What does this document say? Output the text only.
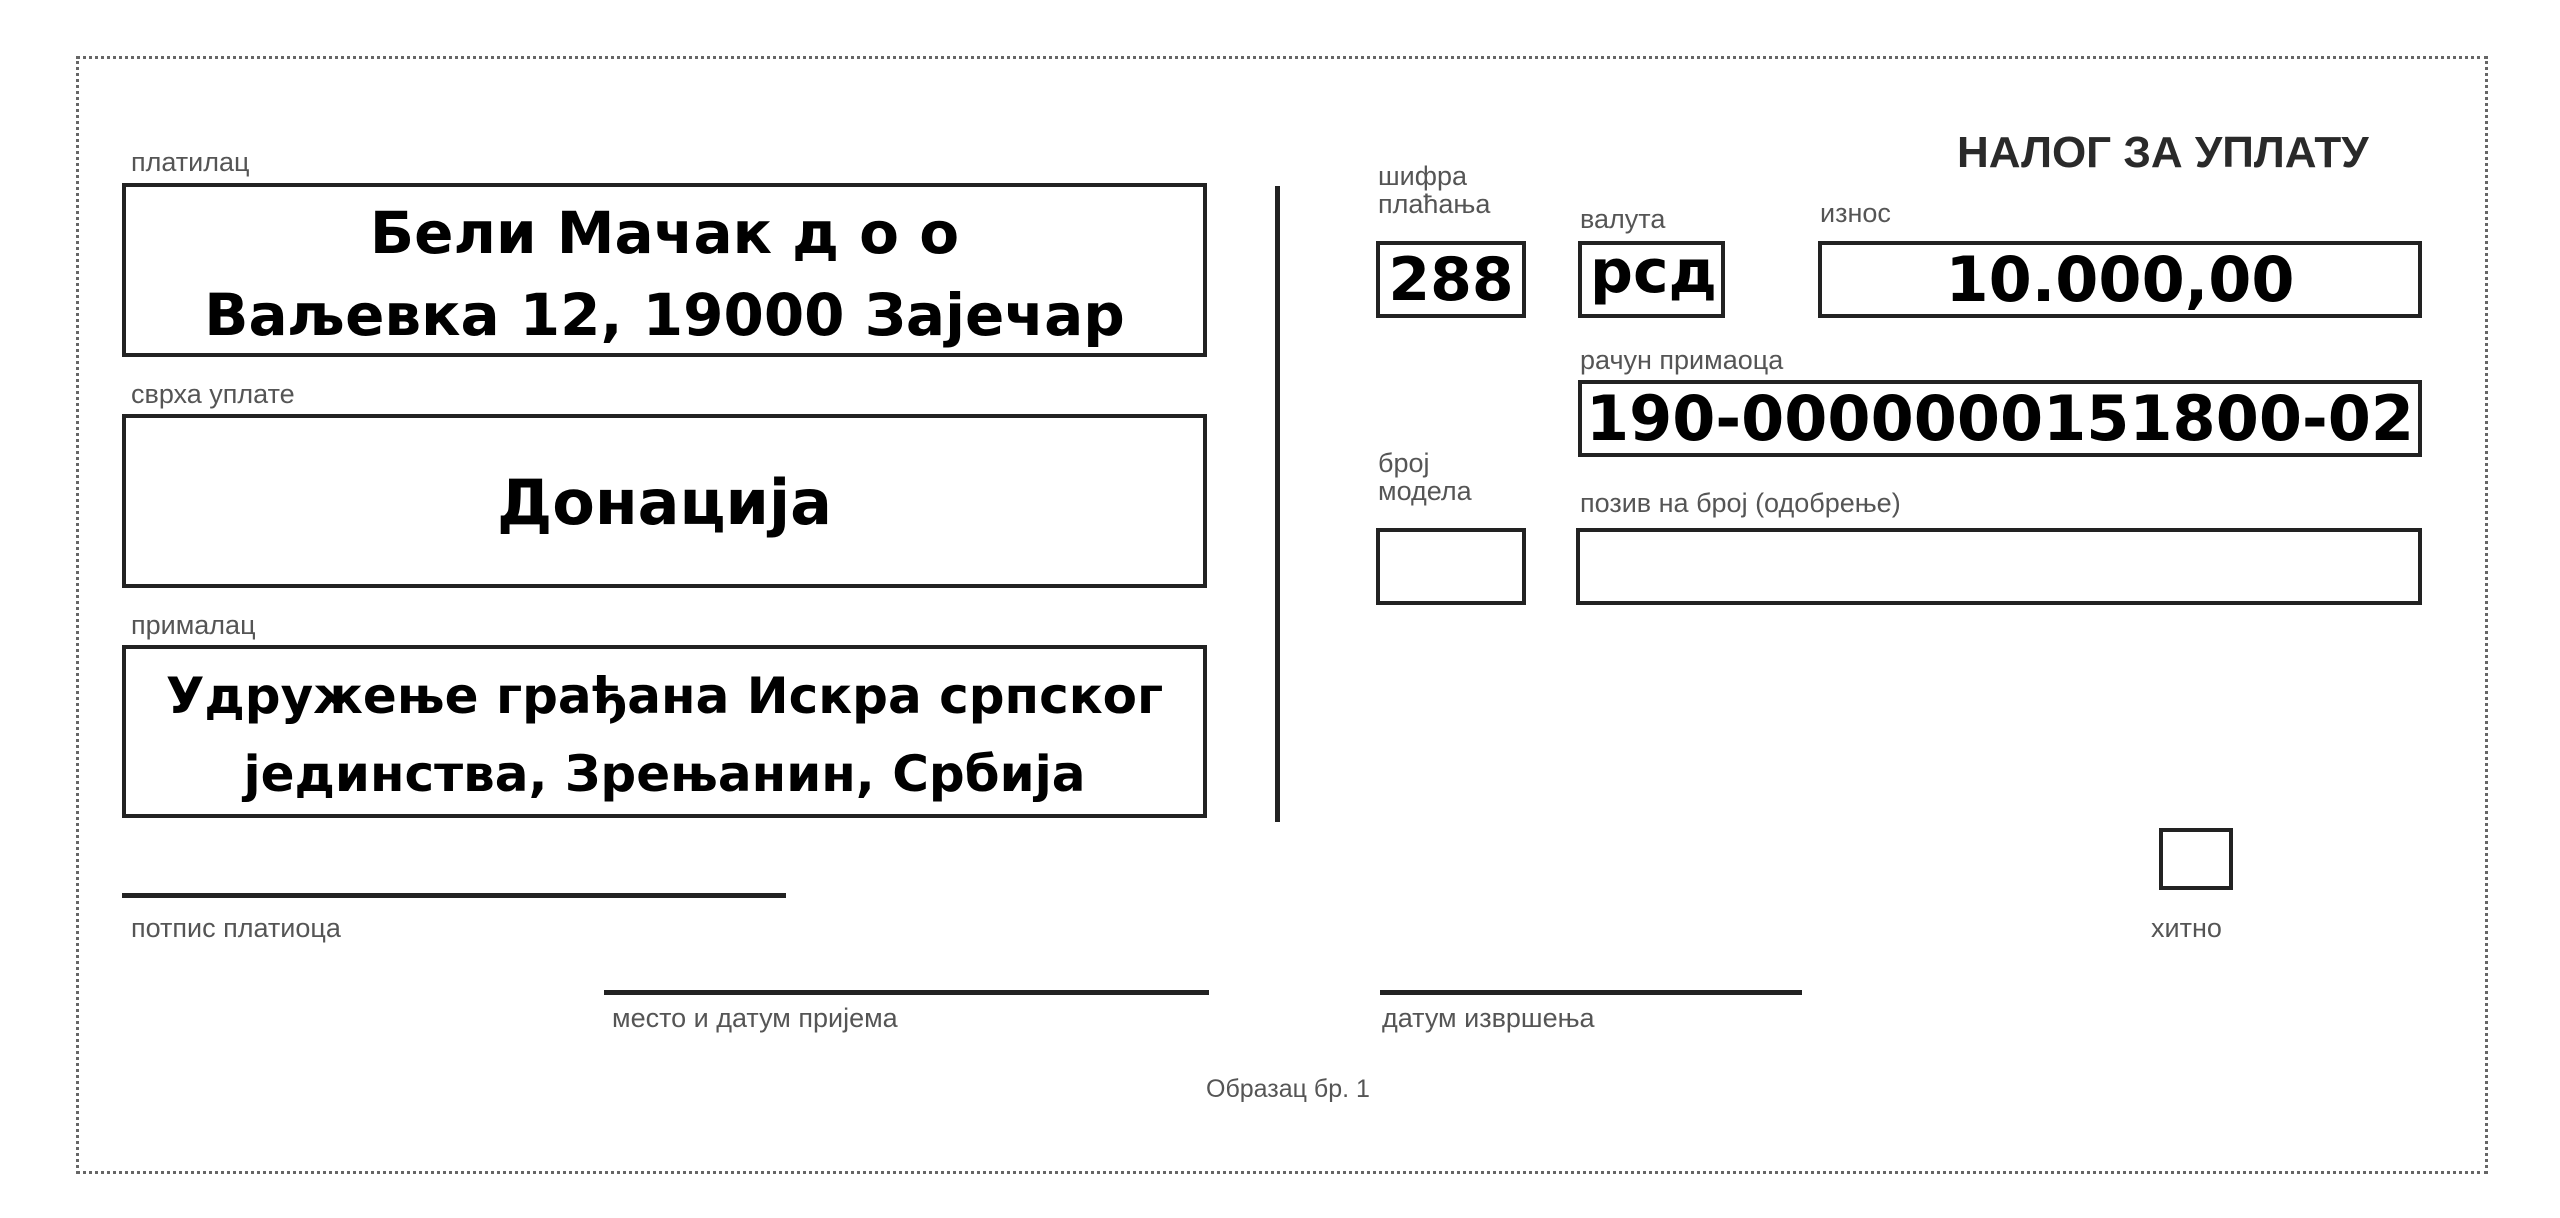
НАЛОГ ЗА УПЛАТУ
платилац
Бели Мачак д о о
Ваљевка 12, 19000 Зајечар
сврха уплате
Донација
прималац
Удружење грађана Искра српског
јединства, Зрењанин, Србија
шифра
плаћања
288
валута
рсд
износ
10.000,00
рачун примаоца
190-0000000151800-02
број
модела	позив на број (одобрење)
хитно
потпис платиоца
место и датум пријема	датум извршења
Образац бр. 1
